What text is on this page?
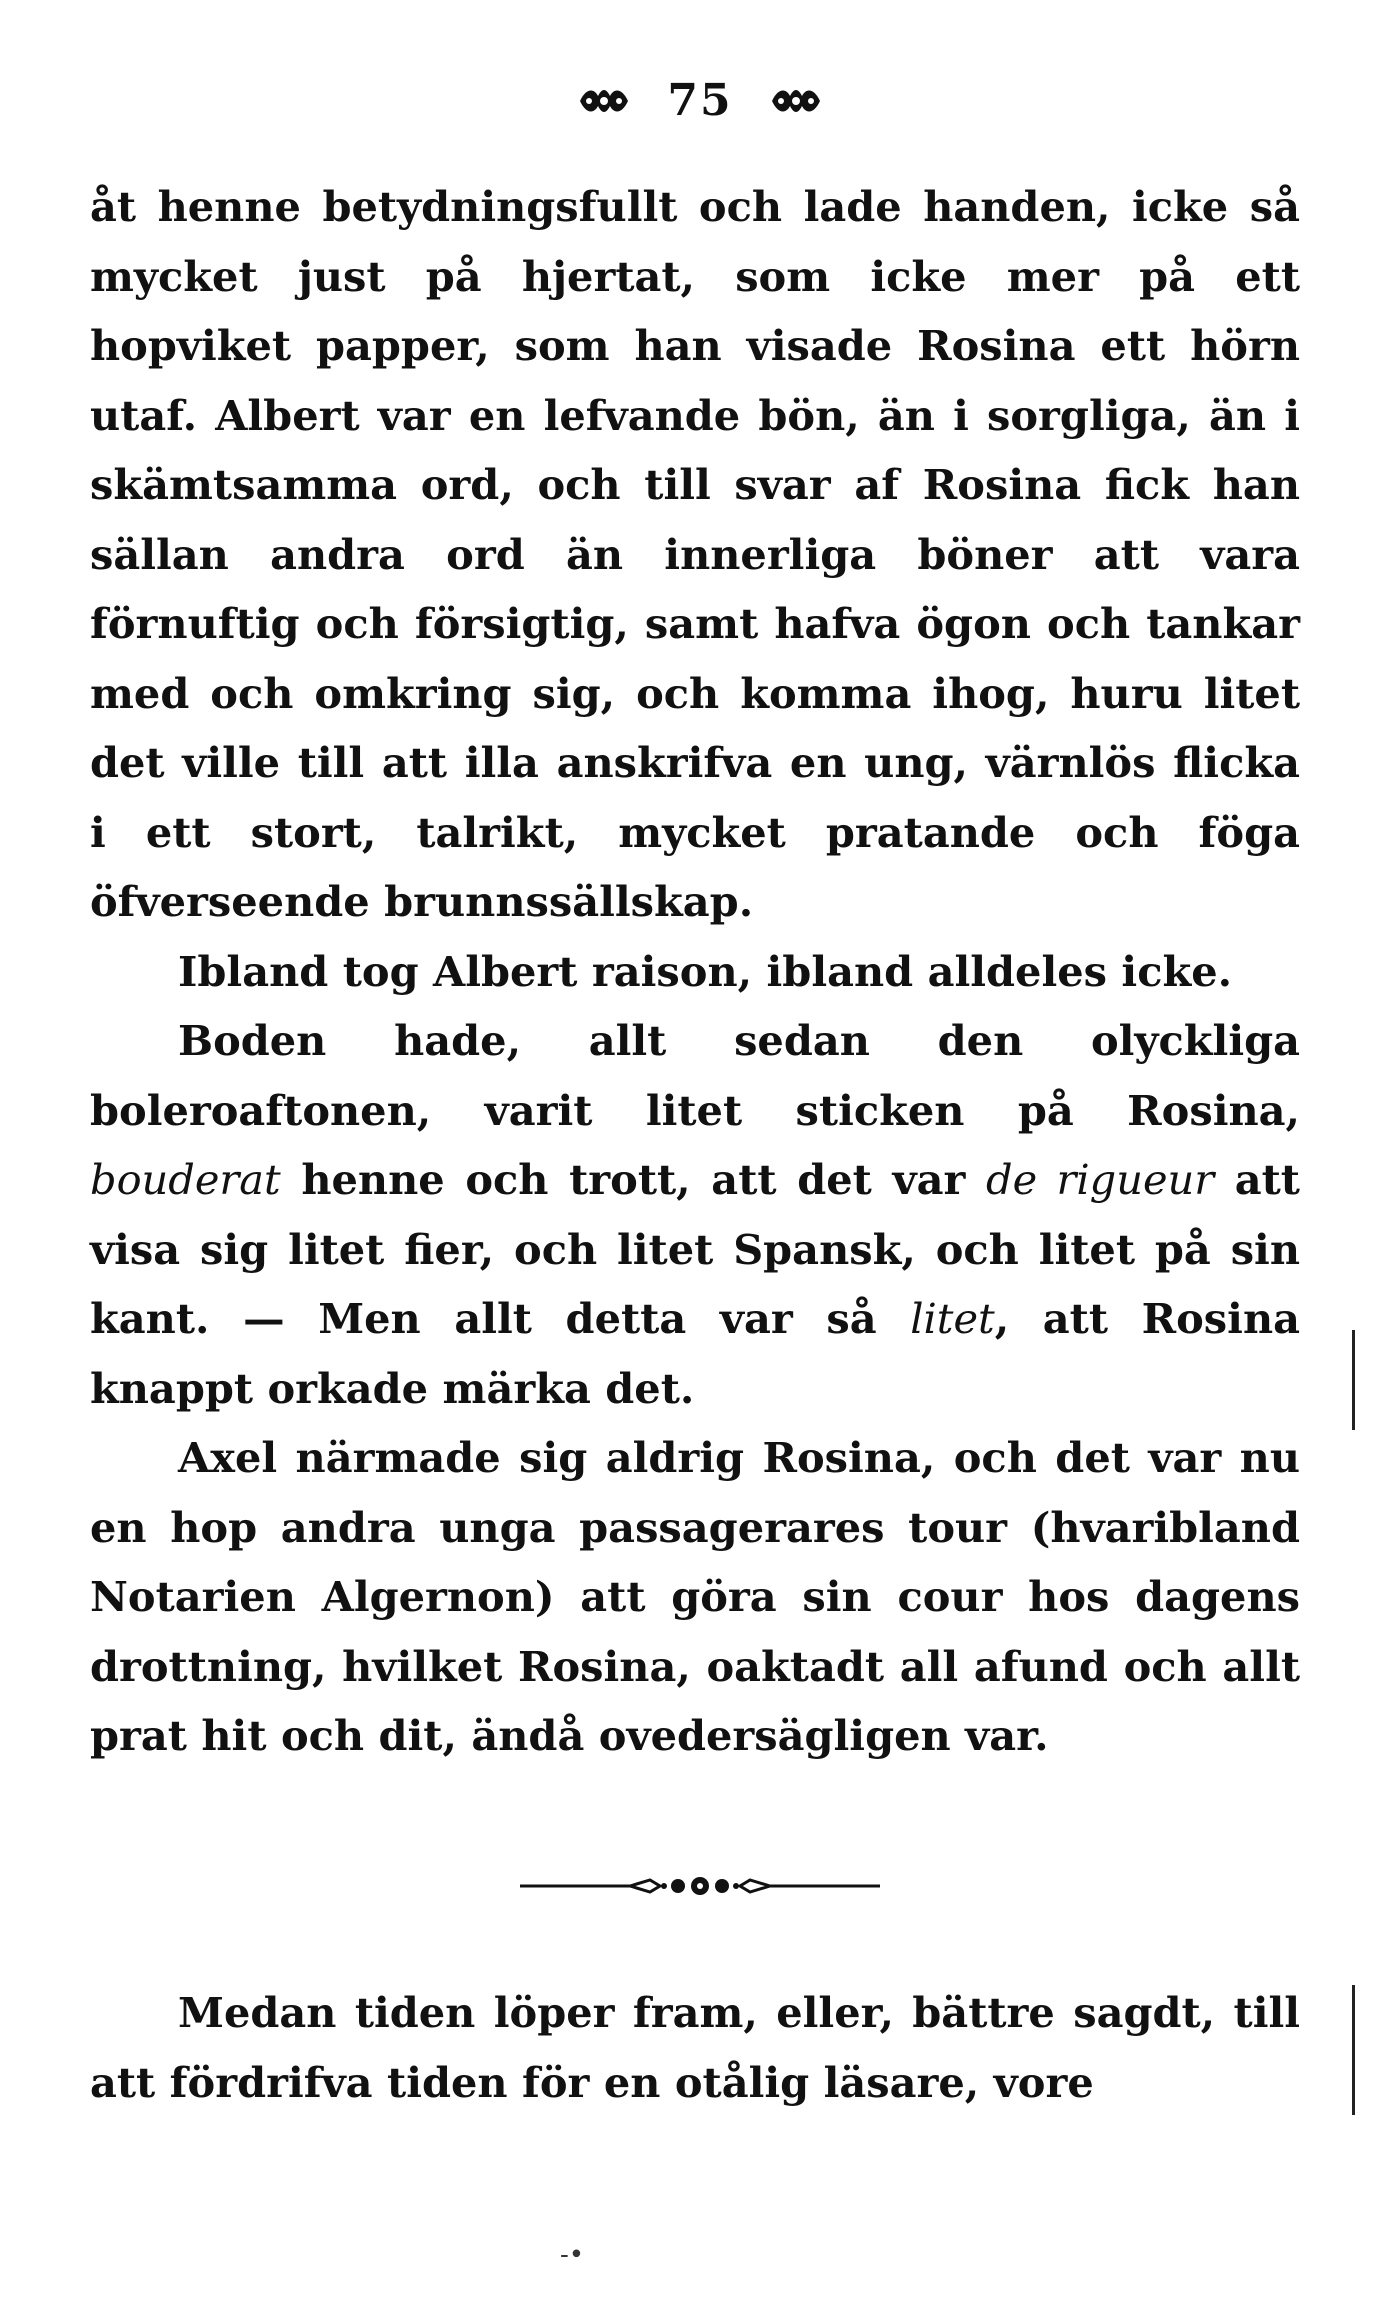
75

åt henne betydningsfullt och lade handen, icke så mycket just på hjertat, som icke mer på ett hopviket papper, som han visade Rosina ett hörn utaf. Albert var en lefvande bön, än i sorgliga, än i skämtsamma ord, och till svar af Rosina fick han sällan andra ord än innerliga böner att vara förnuftig och försigtig, samt hafva ögon och tankar med och omkring sig, och komma ihog, huru litet det ville till att illa anskrifva en ung, värnlös flicka i ett stort, talrikt, mycket pratande och föga öfverseende brunnssällskap.

Ibland tog Albert raison, ibland alldeles icke.

Boden hade, allt sedan den olyckliga boleroaftonen, varit litet sticken på Rosina, bouderat henne och trott, att det var de rigueur att visa sig litet fier, och litet Spansk, och litet på sin kant. — Men allt detta var så litet, att Rosina knappt orkade märka det.

Axel närmade sig aldrig Rosina, och det var nu en hop andra unga passagerares tour (hvaribland Notarien Algernon) att göra sin cour hos dagens drottning, hvilket Rosina, oaktadt all afund och allt prat hit och dit, ändå ovedersägligen var.

Medan tiden löper fram, eller, bättre sagdt, till att fördrifva tiden för en otålig läsare, vore

-•
